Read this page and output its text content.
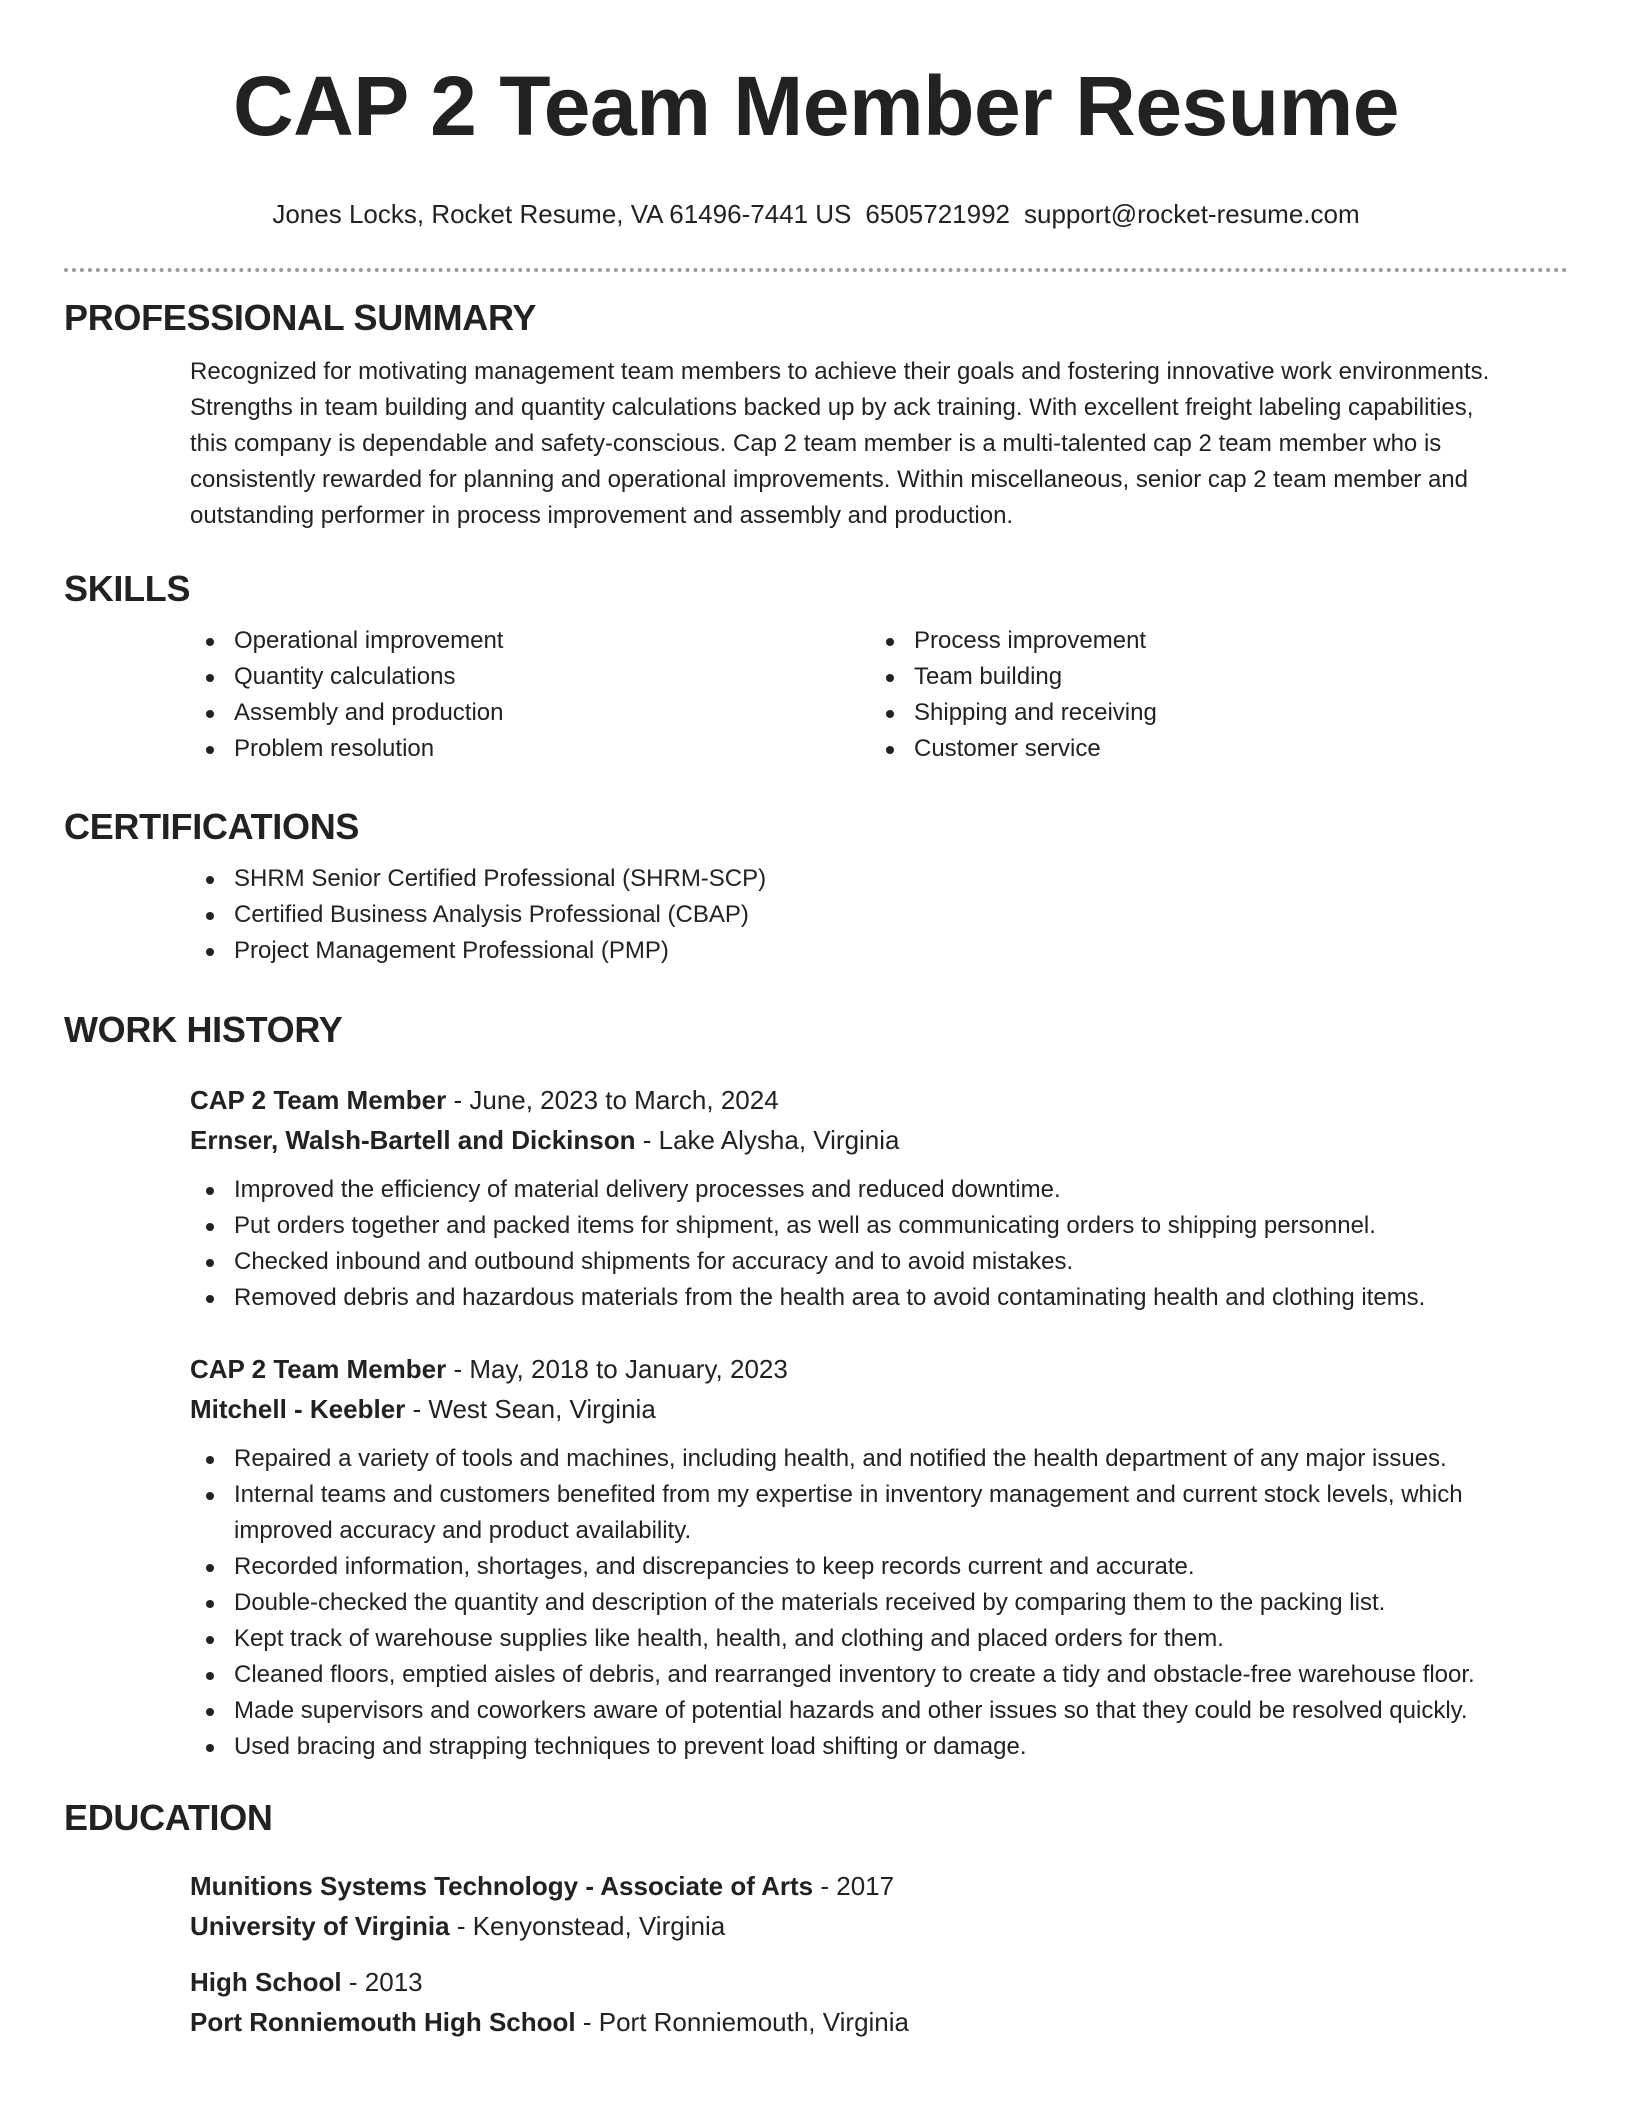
CAP 2 Team Member Resume
Jones Locks, Rocket Resume, VA 61496-7441 US 6505721992 support@rocket-resume.com
PROFESSIONAL SUMMARY
Recognized for motivating management team members to achieve their goals and fostering innovative work environments.
Strengths in team building and quantity calculations backed up by ack training. With excellent freight labeling capabilities,
this company is dependable and safety-conscious. Cap 2 team member is a multi-talented cap 2 team member who is
consistently rewarded for planning and operational improvements. Within miscellaneous, senior cap 2 team member and
outstanding performer in process improvement and assembly and production.
SKILLS
Operational improvement
Quantity calculations
Assembly and production
Problem resolution
Process improvement
Team building
Shipping and receiving
Customer service
CERTIFICATIONS
SHRM Senior Certified Professional (SHRM-SCP)
Certified Business Analysis Professional (CBAP)
Project Management Professional (PMP)
WORK HISTORY
CAP 2 Team Member - June, 2023 to March, 2024
Ernser, Walsh-Bartell and Dickinson - Lake Alysha, Virginia
Improved the efficiency of material delivery processes and reduced downtime.
Put orders together and packed items for shipment, as well as communicating orders to shipping personnel.
Checked inbound and outbound shipments for accuracy and to avoid mistakes.
Removed debris and hazardous materials from the health area to avoid contaminating health and clothing items.
CAP 2 Team Member - May, 2018 to January, 2023
Mitchell - Keebler - West Sean, Virginia
Repaired a variety of tools and machines, including health, and notified the health department of any major issues.
Internal teams and customers benefited from my expertise in inventory management and current stock levels, which improved accuracy and product availability.
Recorded information, shortages, and discrepancies to keep records current and accurate.
Double-checked the quantity and description of the materials received by comparing them to the packing list.
Kept track of warehouse supplies like health, health, and clothing and placed orders for them.
Cleaned floors, emptied aisles of debris, and rearranged inventory to create a tidy and obstacle-free warehouse floor.
Made supervisors and coworkers aware of potential hazards and other issues so that they could be resolved quickly.
Used bracing and strapping techniques to prevent load shifting or damage.
EDUCATION
Munitions Systems Technology - Associate of Arts - 2017
University of Virginia - Kenyonstead, Virginia
High School - 2013
Port Ronniemouth High School - Port Ronniemouth, Virginia
